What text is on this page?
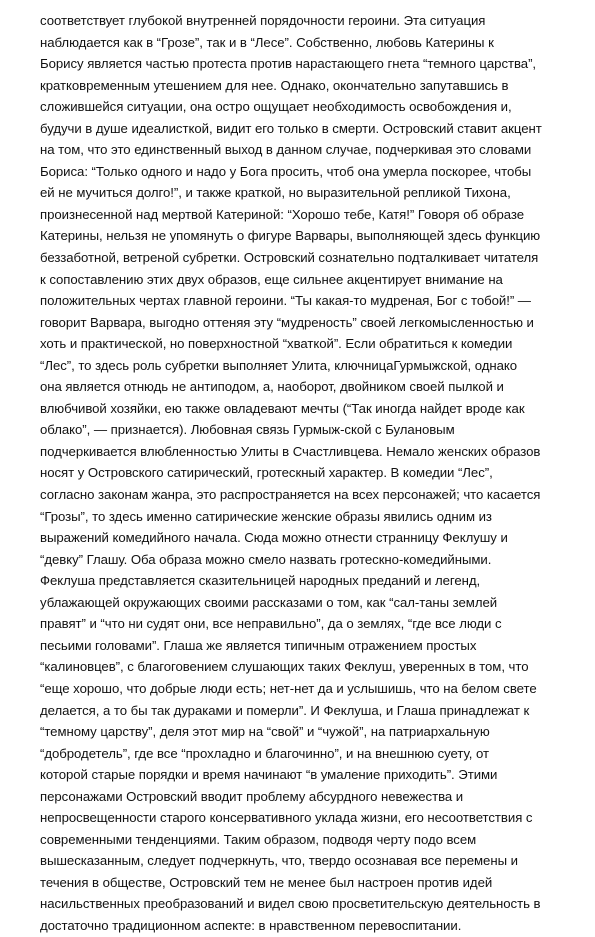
соответствует глубокой внутренней порядочности героини. Эта ситуация
наблюдается как в “Грозе”, так и в “Лесе”. Собственно, любовь Катерины к
Борису является частью протеста против нарастающего гнета “темного царства”,
кратковременным утешением для нее. Однако, окончательно запутавшись в
сложившейся ситуации, она остро ощущает необходимость освобождения и,
будучи в душе идеалисткой, видит его только в смерти. Островский ставит акцент
на том, что это единственный выход в данном случае, подчеркивая это словами
Бориса: “Только одного и надо у Бога просить, чтоб она умерла поскорее, чтобы
ей не мучиться долго!”, и также краткой, но выразительной репликой Тихона,
произнесенной над мертвой Катериной: “Хорошо тебе, Катя!” Говоря об образе
Катерины, нельзя не упомянуть о фигуре Варвары, выполняющей здесь функцию
беззаботной, ветреной субретки. Островский сознательно подталкивает читателя
к сопоставлению этих двух образов, еще сильнее акцентирует внимание на
положительных чертах главной героини. “Ты какая-то мудреная, Бог с тобой!” —
говорит Варвара, выгодно оттеняя эту “мудреность” своей легкомысленностью и
хоть и практической, но поверхностной “хваткой”. Если обратиться к комедии
“Лес”, то здесь роль субретки выполняет Улита, ключницаГурмыжской, однако
она является отнюдь не антиподом, а, наоборот, двойником своей пылкой и
влюбчивой хозяйки, ею также овладевают мечты (“Так иногда найдет вроде как
облако”, — признается). Любовная связь Гурмыж-ской с Булановым
подчеркивается влюбленностью Улиты в Счастливцева. Немало женских образов
носят у Островского сатирический, гротескный характер. В комедии “Лес”,
согласно законам жанра, это распространяется на всех персонажей; что касается
“Грозы”, то здесь именно сатирические женские образы явились одним из
выражений комедийного начала. Сюда можно отнести странницу Феклушу и
“девку” Глашу. Оба образа можно смело назвать гротескно-комедийными.
Феклуша представляется сказительницей народных преданий и легенд,
ублажающей окружающих своими рассказами о том, как “сал-таны землей
правят” и “что ни судят они, все неправильно”, да о землях, “где все люди с
песьими головами”. Глаша же является типичным отражением простых
“калиновцев”, с благоговением слушающих таких Феклуш, уверенных в том, что
“еще хорошо, что добрые люди есть; нет-нет да и услышишь, что на белом свете
делается, а то бы так дураками и померли”. И Феклуша, и Глаша принадлежат к
“темному царству”, деля этот мир на “свой” и “чужой”, на патриархальную
“добродетель”, где все “прохладно и благочинно”, и на внешнюю суету, от
которой старые порядки и время начинают “в умаление приходить”. Этими
персонажами Островский вводит проблему абсурдного невежества и
непросвещенности старого консервативного уклада жизни, его несоответствия с
современными тенденциями. Таким образом, подводя черту подо всем
вышесказанным, следует подчеркнуть, что, твердо осознавая все перемены и
течения в обществе, Островский тем не менее был настроен против идей
насильственных преобразований и видел свою просветительскую деятельность в
достаточно традиционном аспекте: в нравственном перевоспитании.
